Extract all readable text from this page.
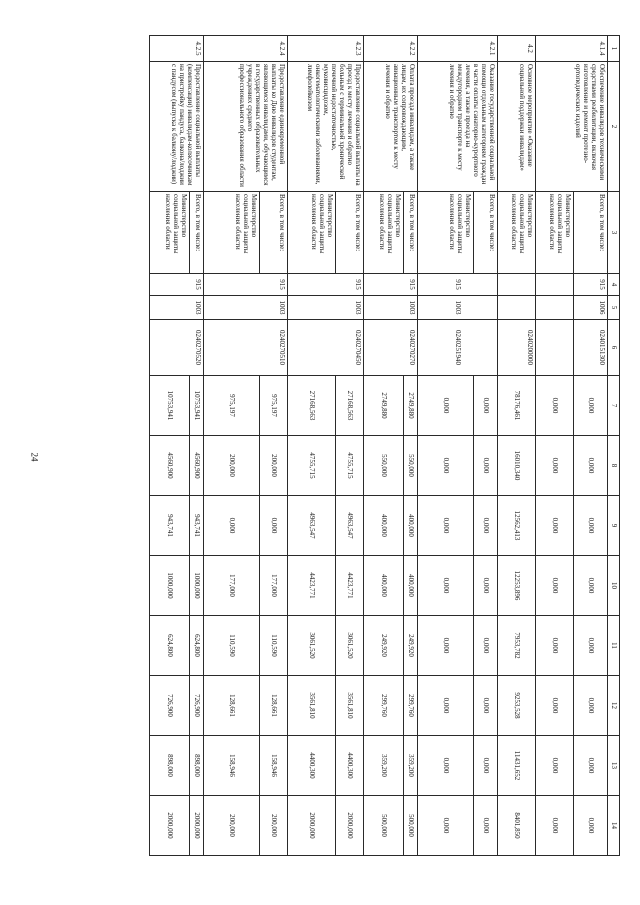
24
1	2	3	4	5	6	7	8	9	10	11	12	13	14
4.1.4	Обеспечение инвалидов техническими средствами реабилитации, включая изготовление и ремонт протезно-ортопедических изделий	Всего, в том числе:	915	1006	0240151300	0,000	0,000	0,000	0,000	0,000	0,000	0,000	0,000
		Министерство социальной защиты населения области				0,000	0,000	0,000	0,000	0,000	0,000	0,000	0,000
4.2	Основное мероприятие «Оказание социальной поддержки инвалидам»	Министерство социальной защиты населения области			0240200000	78176,461	16010,340	12562,413	12253,896	7953,782	9253,528	11431,652	8401,850
4.2.1	Оказание государственной социальной помощи отдельным категориям граждан в части оплаты санаторно-курортного лечения, а также проезда на междугороднем транспорте к месту лечения и обратно	Всего, в том числе:	915	1003	0240251940	0,000	0,000	0,000	0,000	0,000	0,000	0,000	0,000
		Министерство социальной защиты населения области				0,000	0,000	0,000	0,000	0,000	0,000	0,000	0,000
4.2.2	Оплата проезда инвалидам, а также лицам, их сопровождающим, авиационным транспортом к месту лечения и обратно	Всего, в том числе:	915	1003	0240270270	2749,880	550,000	400,000	400,000	249,920	299,760	359,200	500,000
		Министерство социальной защиты населения области				2749,880	550,000	400,000	400,000	249,920	299,760	359,200	500,000
4.2.3	Предоставление социальной выплаты на проезд к месту лечения и обратно больным с терминальной хронической почечной недостаточностью, муковисцидозом, онкогематологическими заболеваниями, лимфолейкозом	Всего, в том числе:	915	1003	0240270450	27168,563	4755,715	4963,547	4423,771	3061,520	3561,810	4400,300	2000,000
		Министерство социальной защиты населения области				27168,563	4755,715	4963,547	4423,771	3061,520	3561,810	4400,300	2000,000
4.2.4	Предоставление единовременной выплаты ко Дню инвалидов студентам, являющимся инвалидами, обучающимся в государственных образовательных учреждениях среднего профессионального образования области	Всего, в том числе:	915	1003	0240270510	975,197	200,000	0,000	177,000	110,590	128,661	158,946	200,000
		Министерство социальной защиты населения области				975,197	200,000	0,000	177,000	110,590	128,661	158,946	200,000
4.2.5	Предоставление социальной выплаты (компенсации) инвалидам-колясочникам на пристройку пандуса, балкона/лоджии с пандусом (выпуска к балкону/лоджии)	Всего, в том числе:	915	1003	0240270520	10753,941	4560,900	943,741	1000,000	624,800	726,900	898,000	2000,000
		Министерство социальной защиты населения области				10753,941	4560,900	943,741	1000,000	624,800	726,900	898,000	2000,000
